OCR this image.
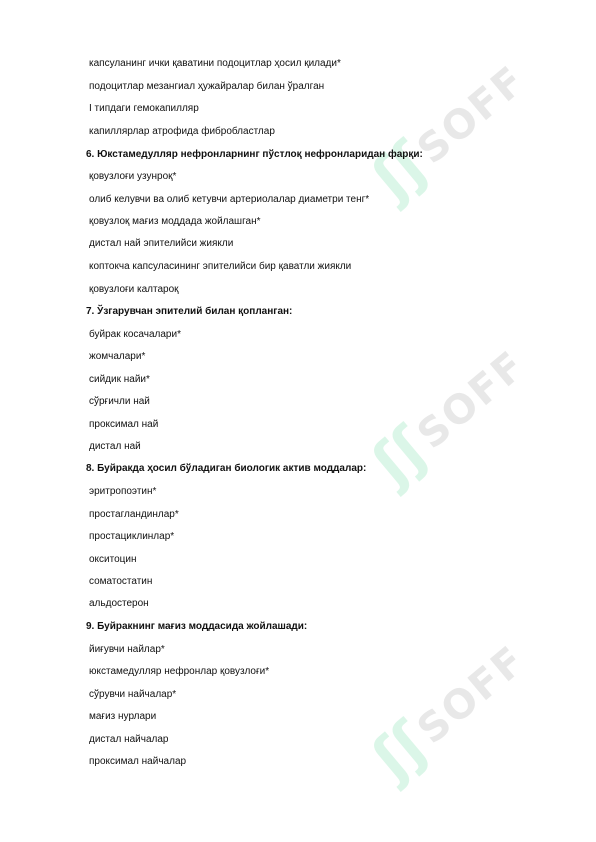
ʃʃ
SOFF
ʃʃ
SOFF
ʃʃ
SOFF
капсуланинг ички қаватини подоцитлар ҳосил қилади*
подоцитлар мезангиал ҳужайралар билан ўралган
I типдаги гемокапилляр
капиллярлар атрофида фибробластлар
6. Юкстамедулляр нефронларнинг пўстлоқ нефронларидан фарқи:
қовузлоғи узунроқ*
олиб келувчи ва олиб кетувчи артериолалар диаметри тенг*
қовузлоқ мағиз моддада жойлашган*
дистал най эпителийси жиякли
коптокча капсуласининг эпителийси бир қаватли жиякли
қовузлоғи калтароқ
7. Ўзгарувчан эпителий билан қопланган:
буйрак косачалари*
жомчалари*
сийдик найи*
сўрғичли най
проксимал най
дистал най
8. Буйракда ҳосил бўладиган биологик актив моддалар:
эритропоэтин*
простагландинлар*
простациклинлар*
окситоцин
соматостатин
альдостерон
9. Буйракнинг мағиз моддасида жойлашади:
йиғувчи найлар*
юкстамедулляр нефронлар қовузлоғи*
сўрувчи найчалар*
мағиз нурлари
дистал найчалар
проксимал найчалар
